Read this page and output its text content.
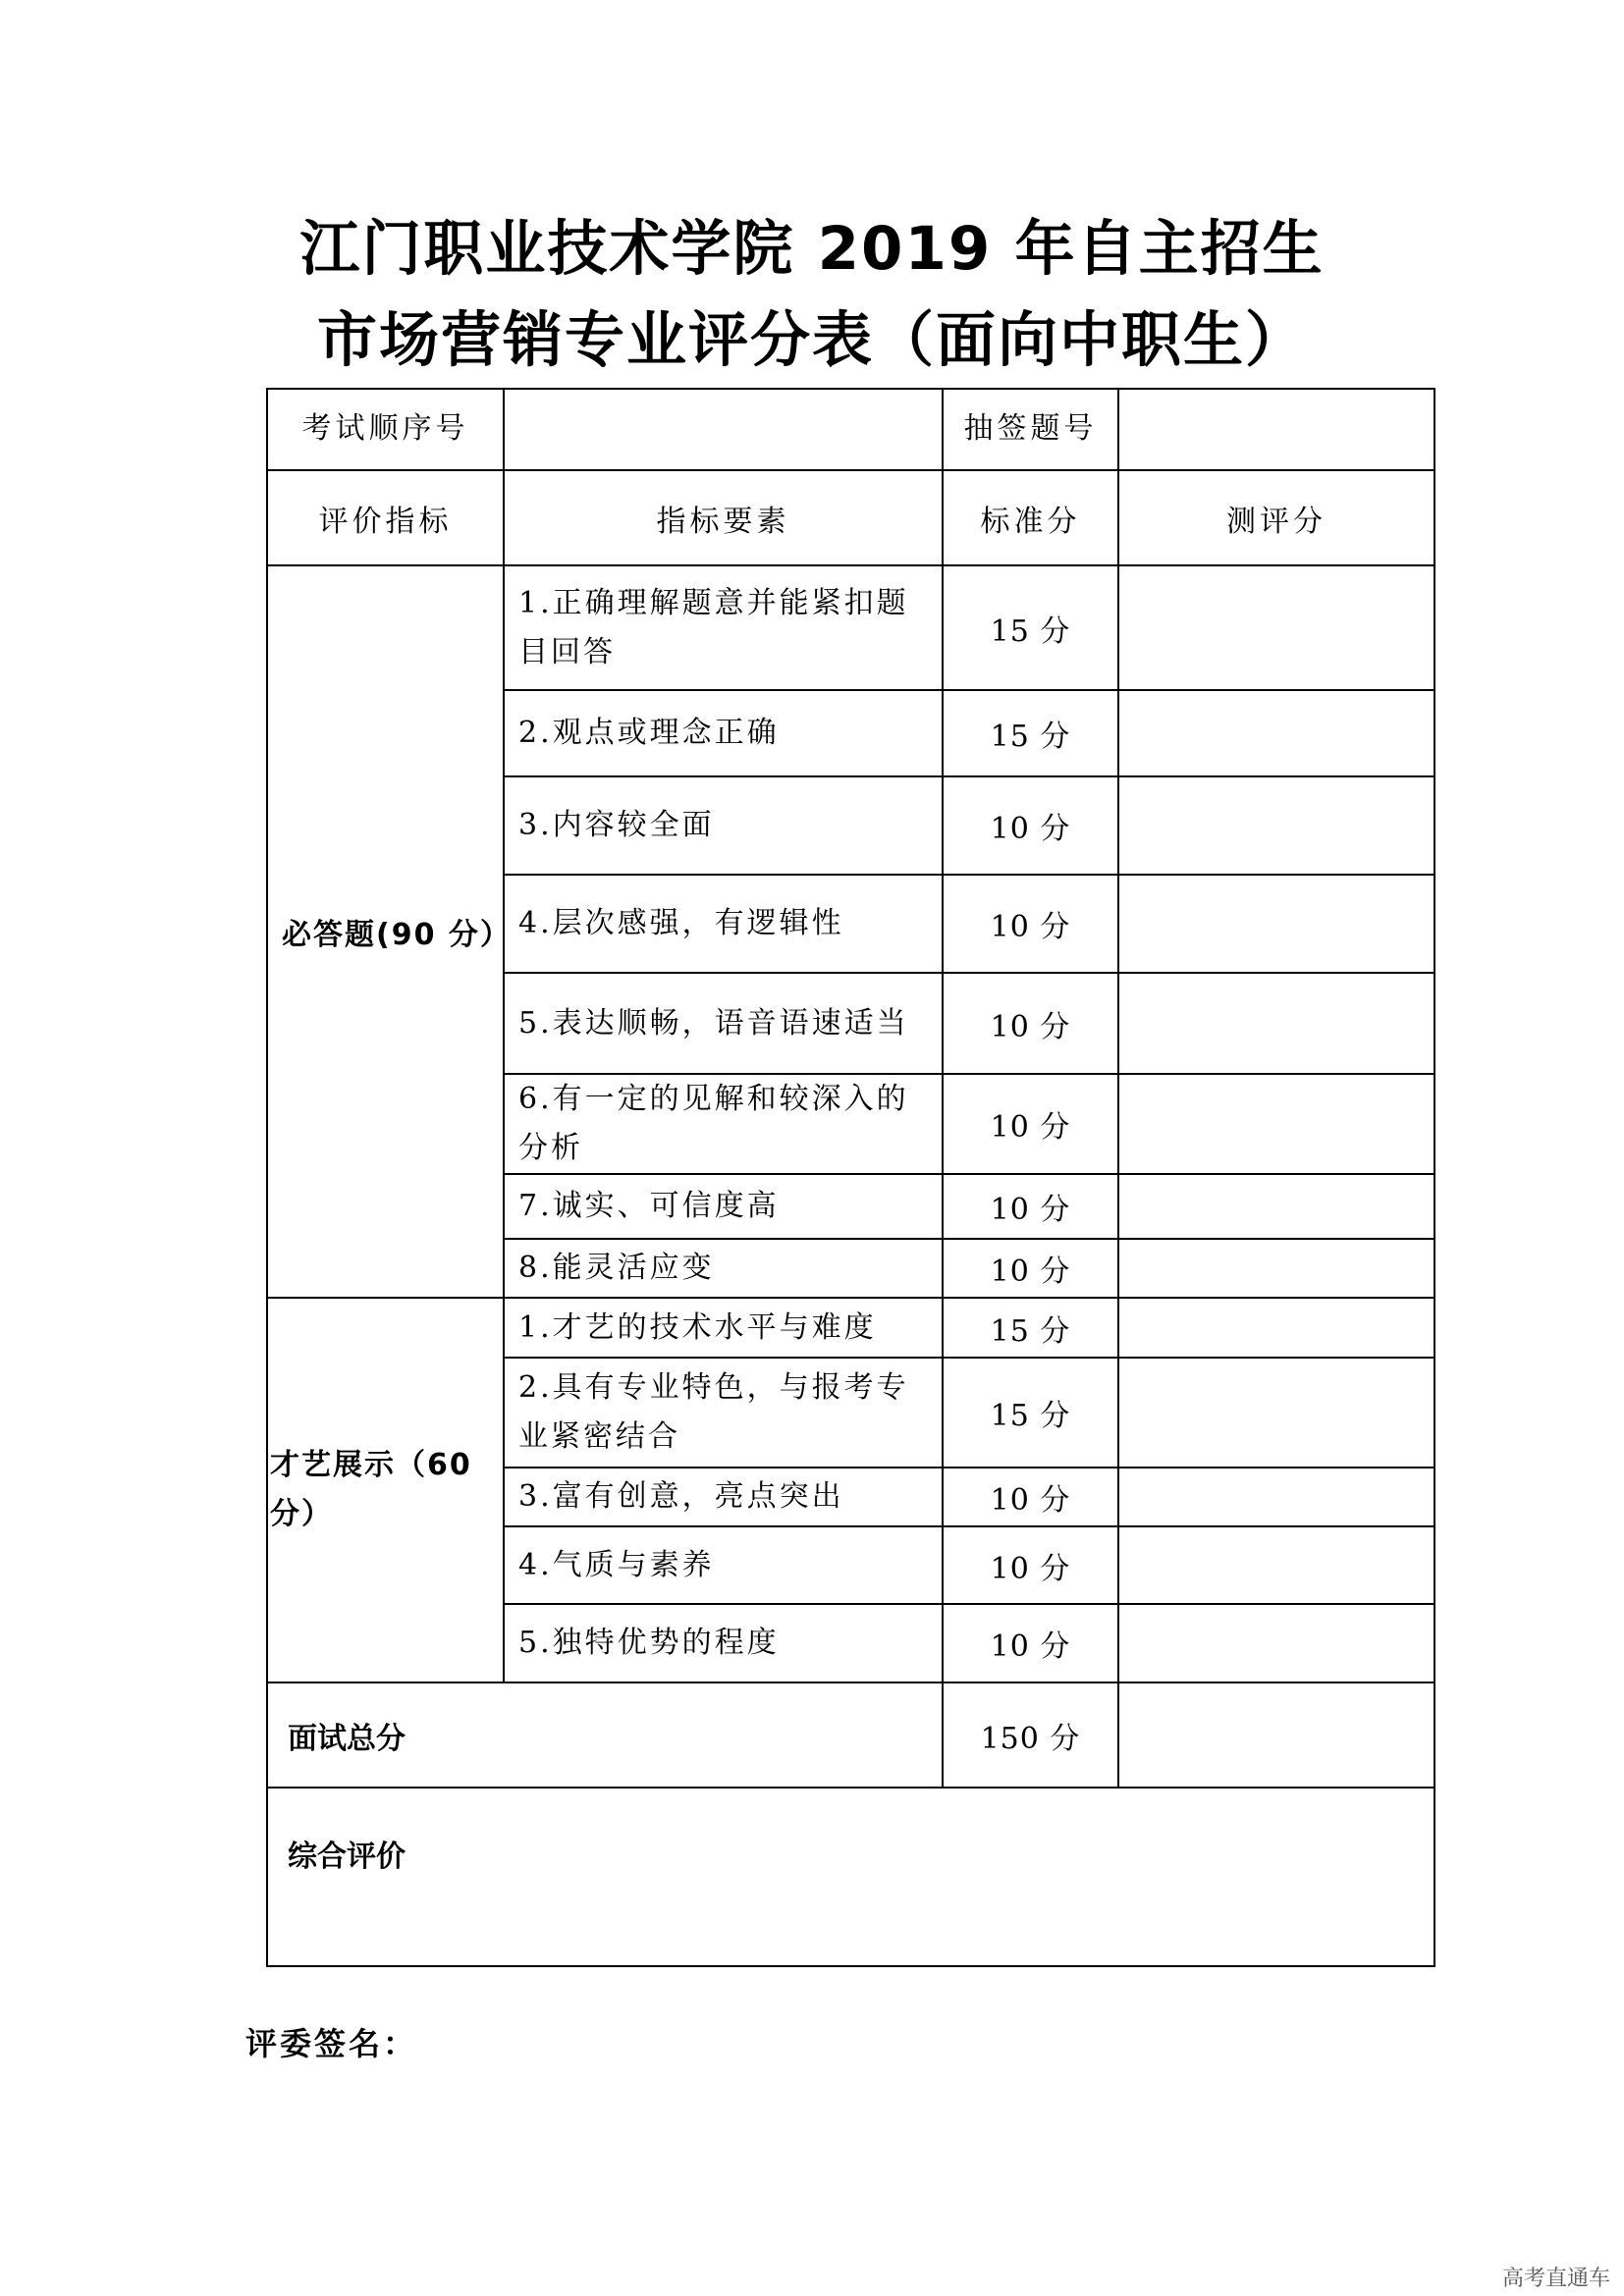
江门职业技术学院 2019 年自主招生
市场营销专业评分表（面向中职生）
考试顺序号		抽签题号	
评价指标	指标要素	标准分	测评分
必答题(90 分）	1.正确理解题意并能紧扣题目回答	15 分	
	2.观点或理念正确	15 分	
	3.内容较全面	10 分	
	4.层次感强，有逻辑性	10 分	
	5.表达顺畅，语音语速适当	10 分	
	6.有一定的见解和较深入的分析	10 分	
	7.诚实、可信度高	10 分	
	8.能灵活应变	10 分	
才艺展示（60 分）	1.才艺的技术水平与难度	15 分	
	2.具有专业特色，与报考专业紧密结合	15 分	
	3.富有创意，亮点突出	10 分	
	4.气质与素养	10 分	
	5.独特优势的程度	10 分	
面试总分		150 分	
综合评价			
评委签名：
高考直通车
